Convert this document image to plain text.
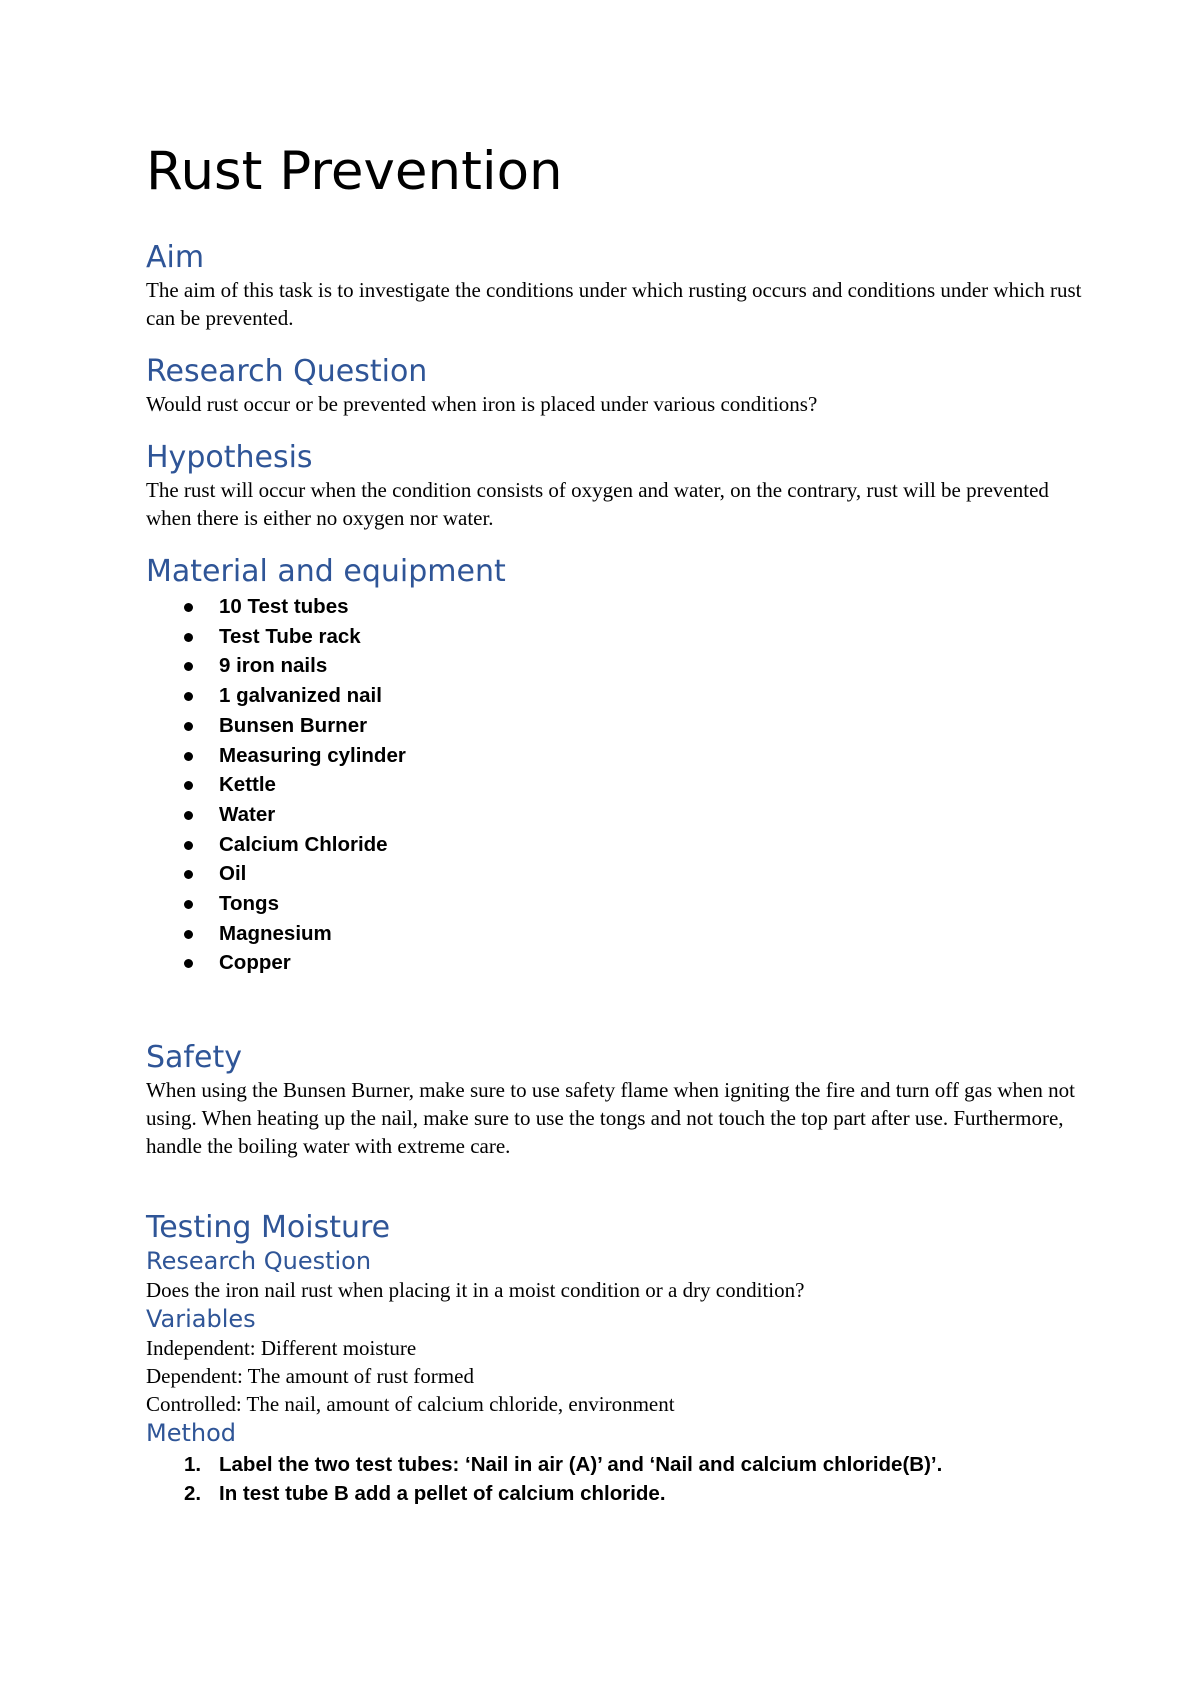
Rust Prevention
Aim

The aim of this task is to investigate the conditions under which rusting occurs and conditions under which rust can be prevented.

Research Question

Would rust occur or be prevented when iron is placed under various conditions?

Hypothesis

The rust will occur when the condition consists of oxygen and water, on the contrary, rust will be prevented when there is either no oxygen nor water.

Material and equipment
10 Test tubes
Test Tube rack
9 iron nails
1 galvanized nail
Bunsen Burner
Measuring cylinder
Kettle
Water
Calcium Chloride
Oil
Tongs
Magnesium
Copper
Safety

When using the Bunsen Burner, make sure to use safety flame when igniting the fire and turn off gas when not using. When heating up the nail, make sure to use the tongs and not touch the top part after use. Furthermore, handle the boiling water with extreme care.

Testing Moisture
Research Question

Does the iron nail rust when placing it in a moist condition or a dry condition?

Variables
Independent: Different moisture
Dependent: The amount of rust formed
Controlled: The nail, amount of calcium chloride, environment
Method
1. Label the two test tubes: ‘Nail in air (A)’ and ‘Nail and calcium chloride(B)’.
2. In test tube B add a pellet of calcium chloride.
